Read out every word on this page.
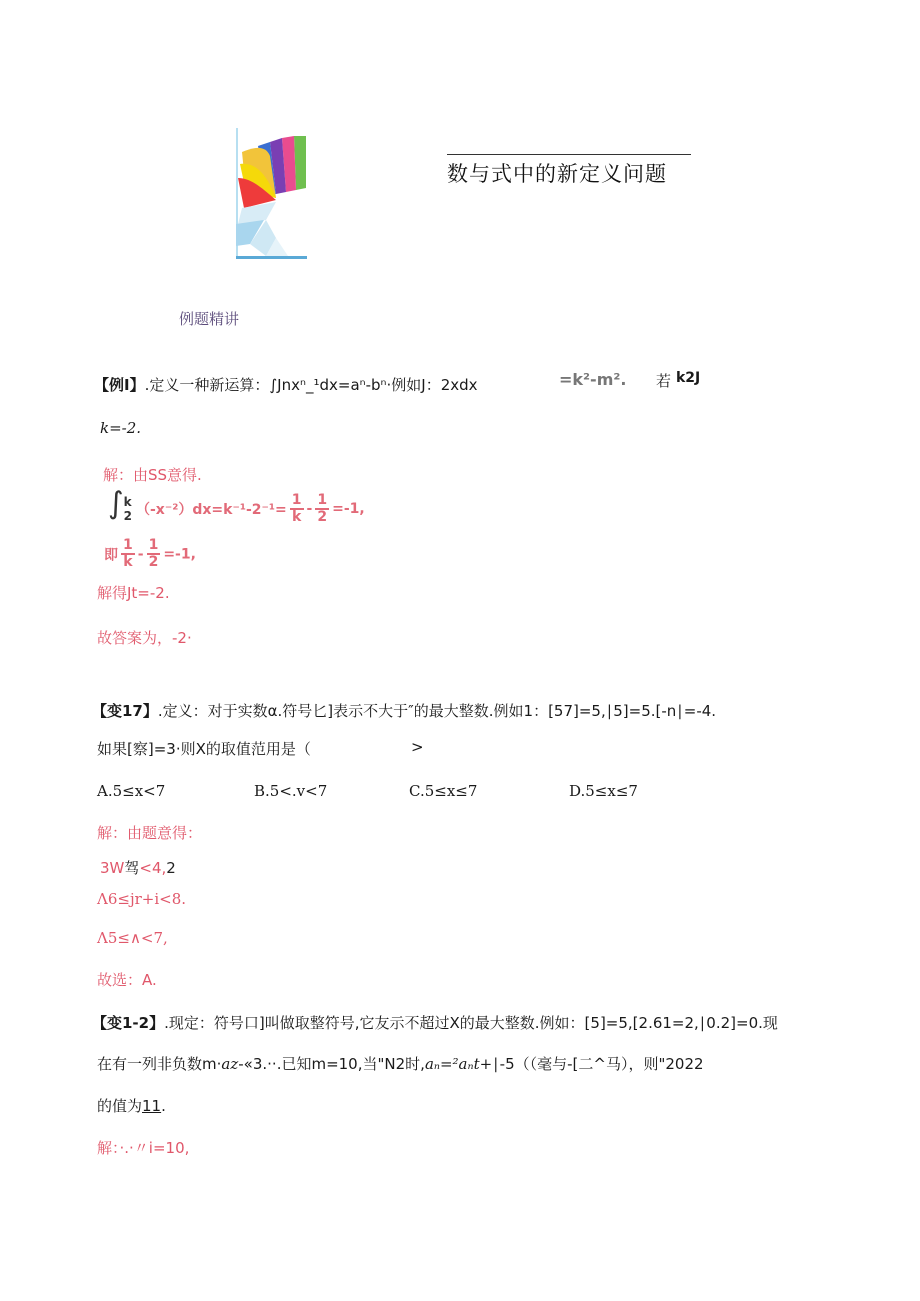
数与式中的新定义问题
例题精讲
【例I】.定义一种新运算：∫Jnxⁿ_¹dx=aⁿ-bⁿ·例如J：2xdx	=k²-m². 若 k2J
k=-2.
解：由SS意得.
∫ k
2 $(-x^{-2})dx=k^{-1}-2^{-1}= \frac{1}{k} - \frac{1}{2} =-1$,
即 $\frac{1}{k} - \frac{1}{2} =-1$,
解得Jt=-2.
故答案为，-2·
【变17】.定义：对于实数α.符号匕]表示不大于″的最大整数.例如1：[57]=5,∣5]=5.[-n∣=-4.
如果[察]=3·则X的取值范用是（	>
A.5≤x<7	B.5<.v<7	C.5≤x≤7	D.5≤x≤7
解：由题意得：
3W驾<4,2
Λ6≤jr+i<8.
Λ5≤∧<7,
故选：A.
【变1-2】.现定：符号口]叫做取整符号,它友示不超过X的最大整数.例如：[5]=5,[2.61=2,∣0.2]=0.现
在有一列非负数m·az-«3.··.已知m=10,当"N2时,aₙ=²aₙt+∣-5（（毫与-[二^马），则"2022
的值为11.
解：·.·〃i=10,
